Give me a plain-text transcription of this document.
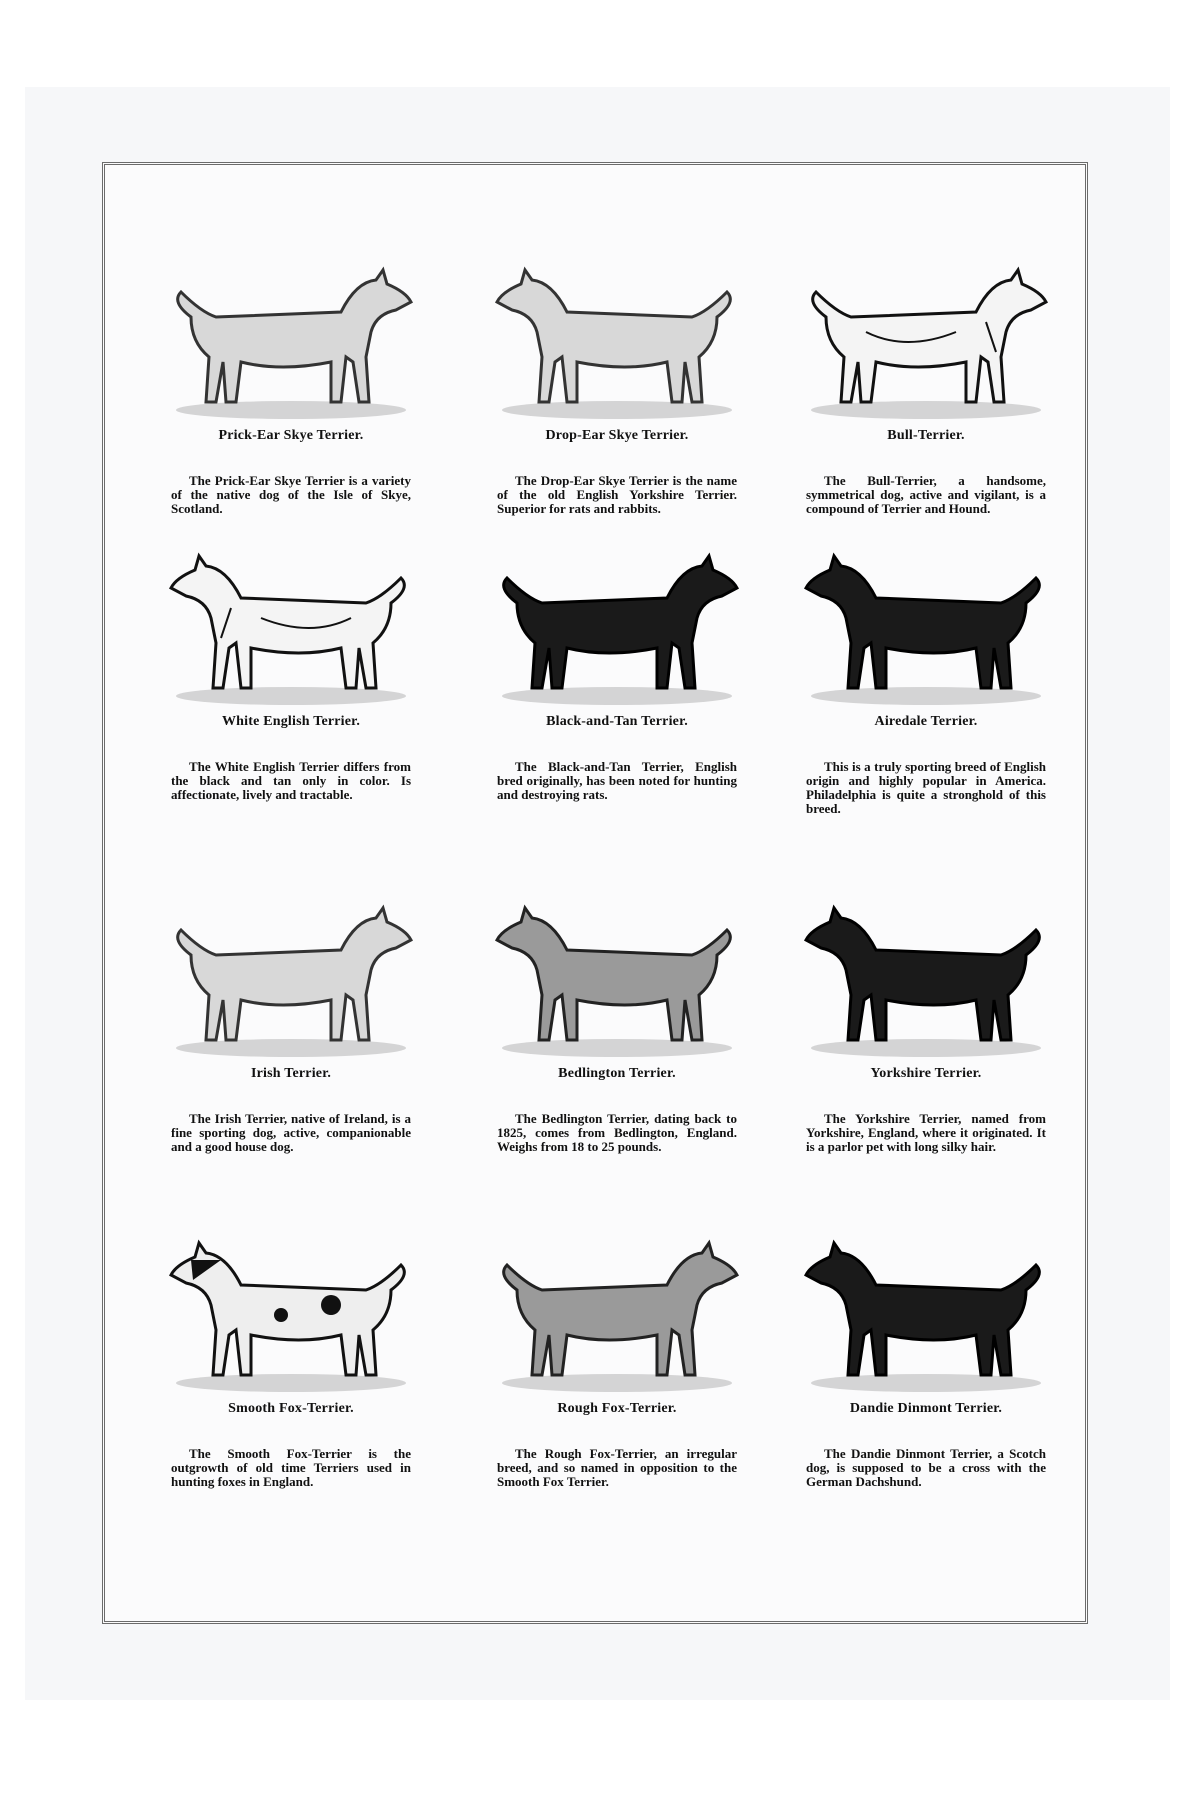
Prick-Ear Skye Terrier.
The Prick-Ear Skye Terrier is a variety of the native dog of the Isle of Skye, Scotland.
Drop-Ear Skye Terrier.
The Drop-Ear Skye Terrier is the name of the old English Yorkshire Terrier. Superior for rats and rabbits.
Bull-Terrier.
The Bull-Terrier, a handsome, symmetrical dog, active and vigilant, is a compound of Terrier and Hound.
White English Terrier.
The White English Terrier differs from the black and tan only in color. Is affectionate, lively and tractable.
Black-and-Tan Terrier.
The Black-and-Tan Terrier, English bred originally, has been noted for hunting and destroying rats.
Airedale Terrier.
This is a truly sporting breed of English origin and highly popular in America. Philadelphia is quite a stronghold of this breed.
Irish Terrier.
The Irish Terrier, native of Ireland, is a fine sporting dog, active, companionable and a good house dog.
Bedlington Terrier.
The Bedlington Terrier, dating back to 1825, comes from Bedlington, England. Weighs from 18 to 25 pounds.
Yorkshire Terrier.
The Yorkshire Terrier, named from Yorkshire, England, where it originated. It is a parlor pet with long silky hair.
Smooth Fox-Terrier.
The Smooth Fox-Terrier is the outgrowth of old time Terriers used in hunting foxes in England.
Rough Fox-Terrier.
The Rough Fox-Terrier, an irregular breed, and so named in opposition to the Smooth Fox Terrier.
Dandie Dinmont Terrier.
The Dandie Dinmont Terrier, a Scotch dog, is supposed to be a cross with the German Dachshund.
